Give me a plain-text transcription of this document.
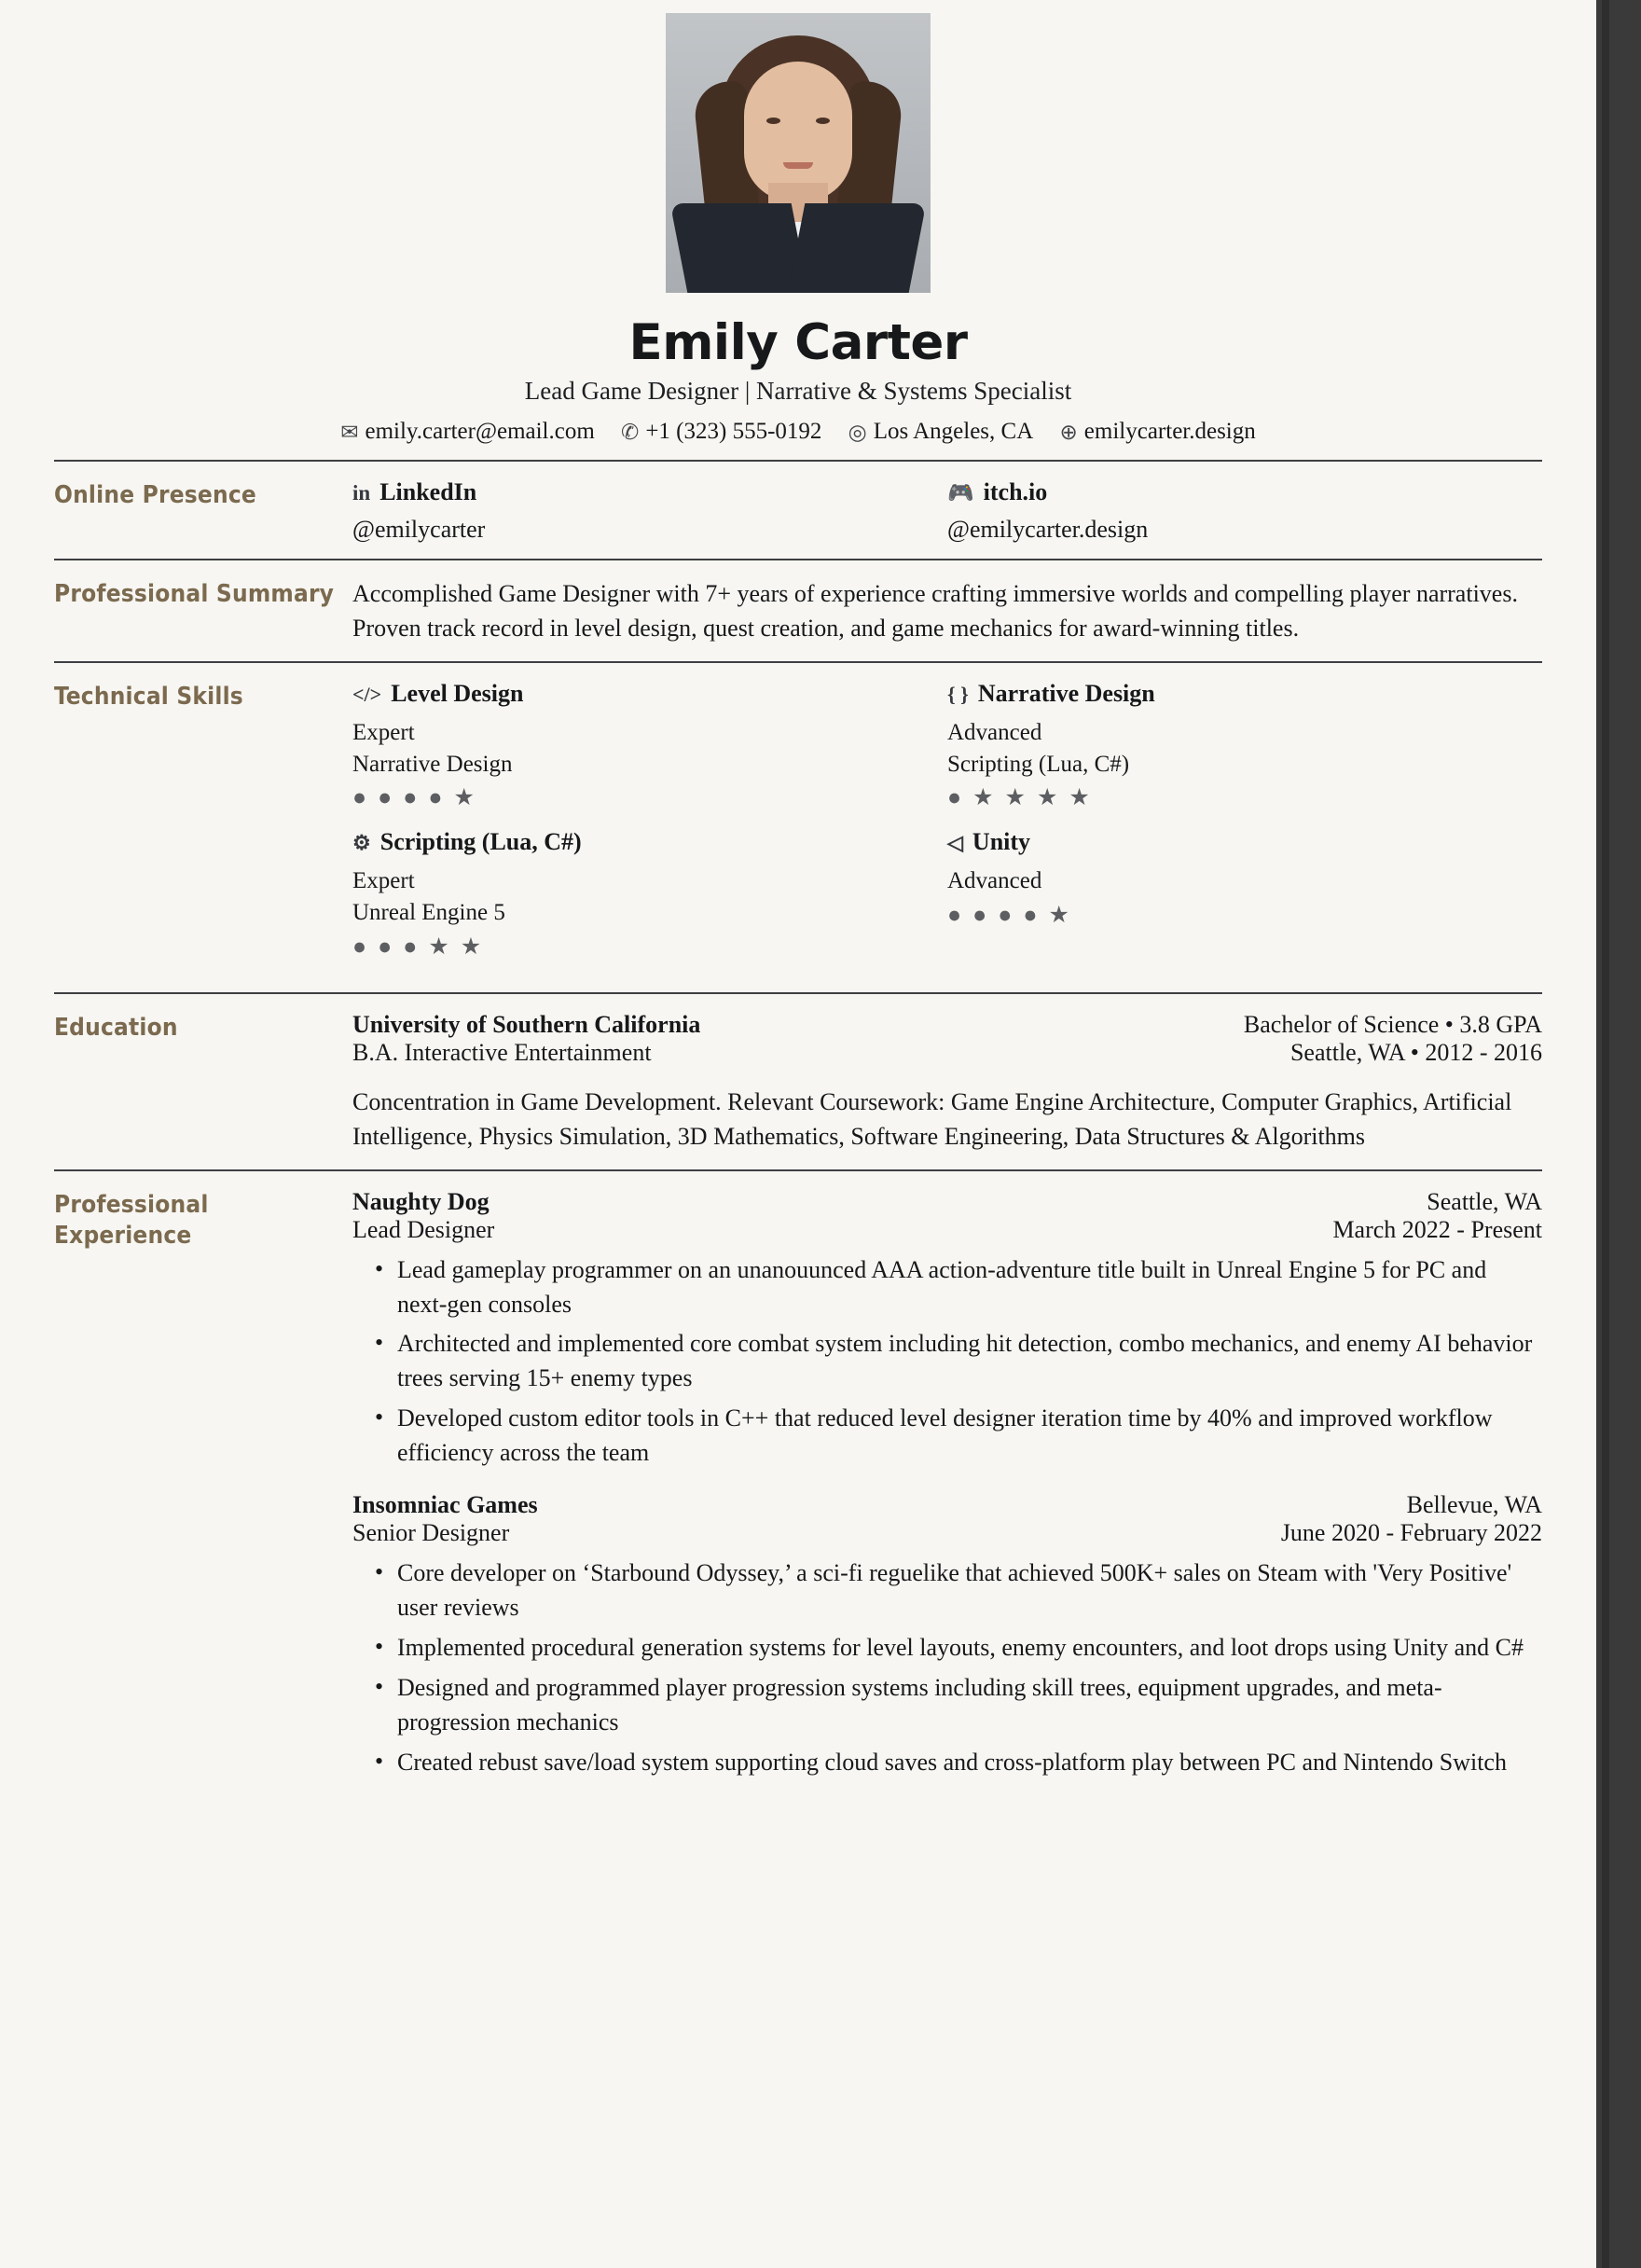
Emily Carter
Lead Game Designer | Narrative & Systems Specialist
✉ emily.carter@email.com ✆ +1 (323) 555-0192 ◎ Los Angeles, CA ⊕ emilycarter.design
Online Presence	in LinkedIn
@emilycarter
🎮 itch.io
@emilycarter.design
Professional Summary Accomplished Game Designer with 7+ years of experience crafting immersive worlds and compelling player narratives. Proven track record in level design, quest creation, and game mechanics for award-winning titles.
Technical Skills	</> Level Design
Expert
Narrative Design
● ● ● ● ★
{ } Narrative Design
Advanced
Scripting (Lua, C#)
● ★ ★ ★ ★
⚙ Scripting (Lua, C#)
Expert
Unreal Engine 5
● ● ● ★ ★
◁ Unity
Advanced
● ● ● ● ★
Education	University of Southern California	Bachelor of Science • 3.8 GPA
B.A. Interactive Entertainment	Seattle, WA • 2012 - 2016
Concentration in Game Development. Relevant Coursework: Game Engine Architecture, Computer Graphics, Artificial Intelligence, Physics Simulation, 3D Mathematics, Software Engineering, Data Structures & Algorithms
Professional Experience
Naughty Dog	Seattle, WA
Lead Designer	March 2022 - Present
• Lead gameplay programmer on an unanouunced AAA action-adventure title built in Unreal Engine 5 for PC and next-gen consoles
• Architected and implemented core combat system including hit detection, combo mechanics, and enemy AI behavior trees serving 15+ enemy types
• Developed custom editor tools in C++ that reduced level designer iteration time by 40% and improved workflow efficiency across the team
Insomniac Games	Bellevue, WA
Senior Designer	June 2020 - February 2022
• Core developer on ‘Starbound Odyssey,’ a sci-fi reguelike that achieved 500K+ sales on Steam with 'Very Positive' user reviews
• Implemented procedural generation systems for level layouts, enemy encounters, and loot drops using Unity and C#
• Designed and programmed player progression systems including skill trees, equipment upgrades, and meta-progression mechanics
• Created rebust save/load system supporting cloud saves and cross-platform play between PC and Nintendo Switch
